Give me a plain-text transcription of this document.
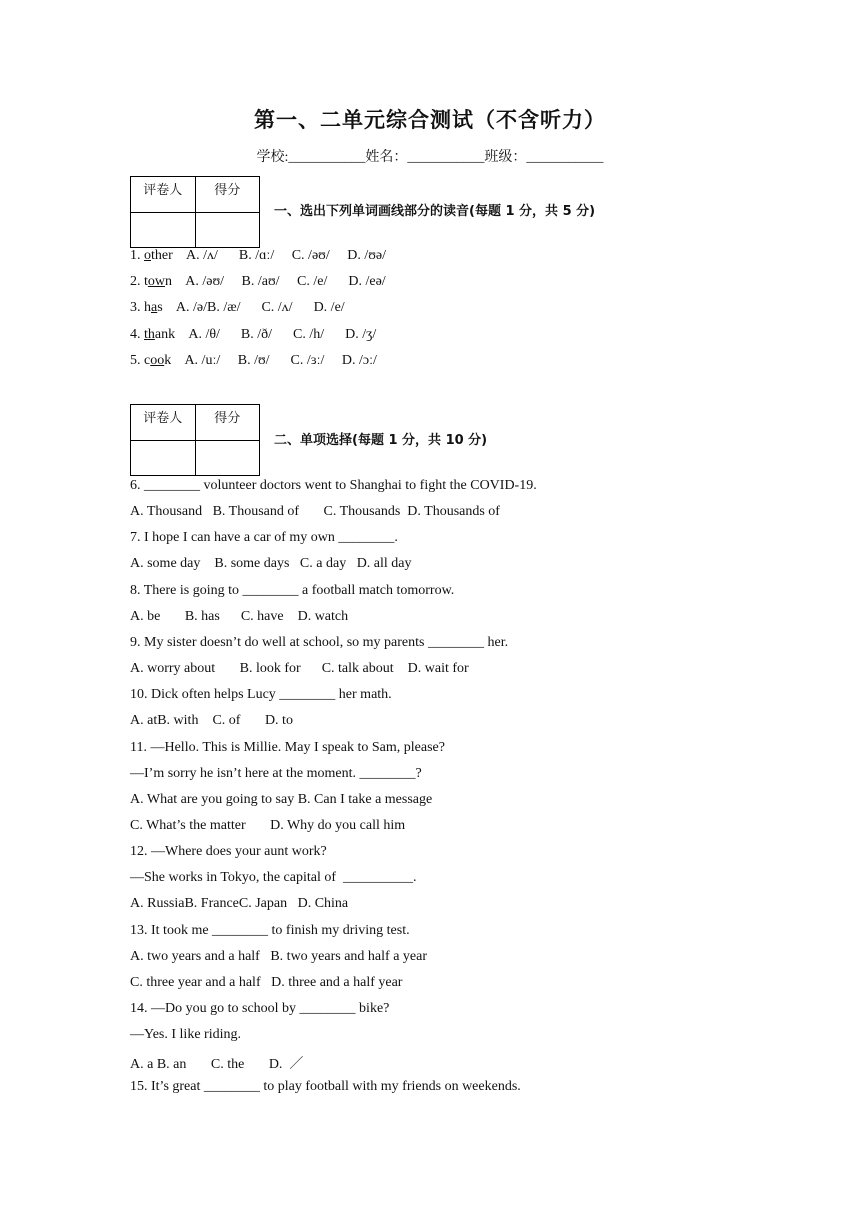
第一、二单元综合测试（不含听力）
学校:___________姓名：___________班级：___________
评卷人	得分

一、选出下列单词画线部分的读音(每题 1 分，共 5 分)
1. other    A. /ʌ/      B. /ɑː/     C. /əʊ/     D. /ʊə/
2. town    A. /əʊ/     B. /aʊ/     C. /e/      D. /eə/
3. has    A. /ə/B. /æ/      C. /ʌ/      D. /e/
4. thank    A. /θ/      B. /ð/      C. /h/      D. /ʒ/
5. cook    A. /uː/     B. /ʊ/      C. /ɜː/     D. /ɔː/
评卷人	得分

二、单项选择(每题 1 分，共 10 分)
6. ________ volunteer doctors went to Shanghai to fight the COVID-19.
A. Thousand   B. Thousand of       C. Thousands  D. Thousands of
7. I hope I can have a car of my own ________.
A. some day    B. some days   C. a day   D. all day
8. There is going to ________ a football match tomorrow.
A. be       B. has      C. have    D. watch
9. My sister doesn’t do well at school, so my parents ________ her.
A. worry about       B. look for      C. talk about    D. wait for
10. Dick often helps Lucy ________ her math.
A. atB. with    C. of       D. to
11. —Hello. This is Millie. May I speak to Sam, please?
—I’m sorry he isn’t here at the moment. ________?
A. What are you going to say B. Can I take a message
C. What’s the matter       D. Why do you call him
12. —Where does your aunt work?
—She works in Tokyo, the capital of  __________.
A. RussiaB. FranceC. Japan   D. China
13. It took me ________ to finish my driving test.
A. two years and a half   B. two years and half a year
C. three year and a half   D. three and a half year
14. —Do you go to school by ________ bike?
—Yes. I like riding.
A. a B. an       C. the       D.  ／
15. It’s great ________ to play football with my friends on weekends.
